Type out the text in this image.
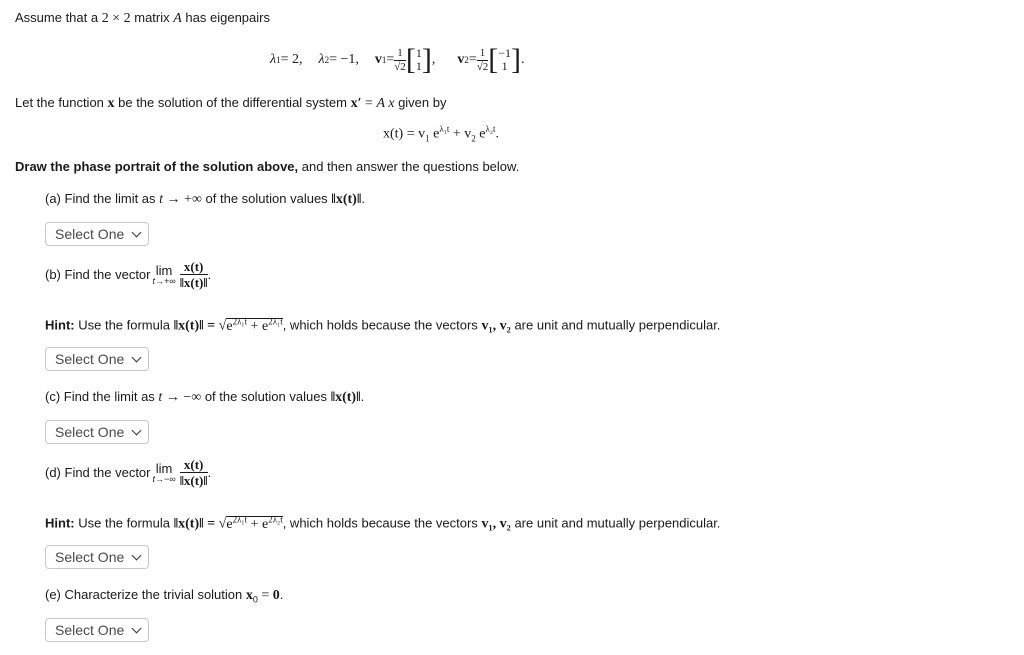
Assume that a 2 × 2 matrix A has eigenpairs
λ 1 = 2, λ 2 = −1, v $1 = \frac{1}{√2}$ [ 1
1 ] , v $2 = \frac{1}{√2}$ [ −1
1 ] .
Let the function x be the solution of the differential system x′ = A x given by
$x(t) = v_1$ $e^{\lambda_1t} + v_2$ $e^{\lambda_2t}$.
Draw the phase portrait of the solution above, and then answer the questions below.
(a) Find the limit as t → +∞ of the solution values ‖x(t)‖.
Select One
(b) Find the vector lim
$t\to+\infty \frac{x(t)}{‖x(t)‖}$ .
Hint: Use the formula ‖x(t)‖ = $√e^{2\lambda_1t} + e^{2\lambda_1t}$, which holds because the vectors v₁, v₂ are unit and mutually perpendicular.
Select One
(c) Find the limit as t → −∞ of the solution values ‖x(t)‖.
Select One
(d) Find the vector lim
$t\to-\infty \frac{x(t)}{‖x(t)‖}$ .
Hint: Use the formula ‖x(t)‖ = $√e^{2\lambda_1t} + e^{2\lambda_2t}$, which holds because the vectors v₁, v₂ are unit and mutually perpendicular.
Select One
(e) Characterize the trivial solution $x_0 = 0$.
Select One
